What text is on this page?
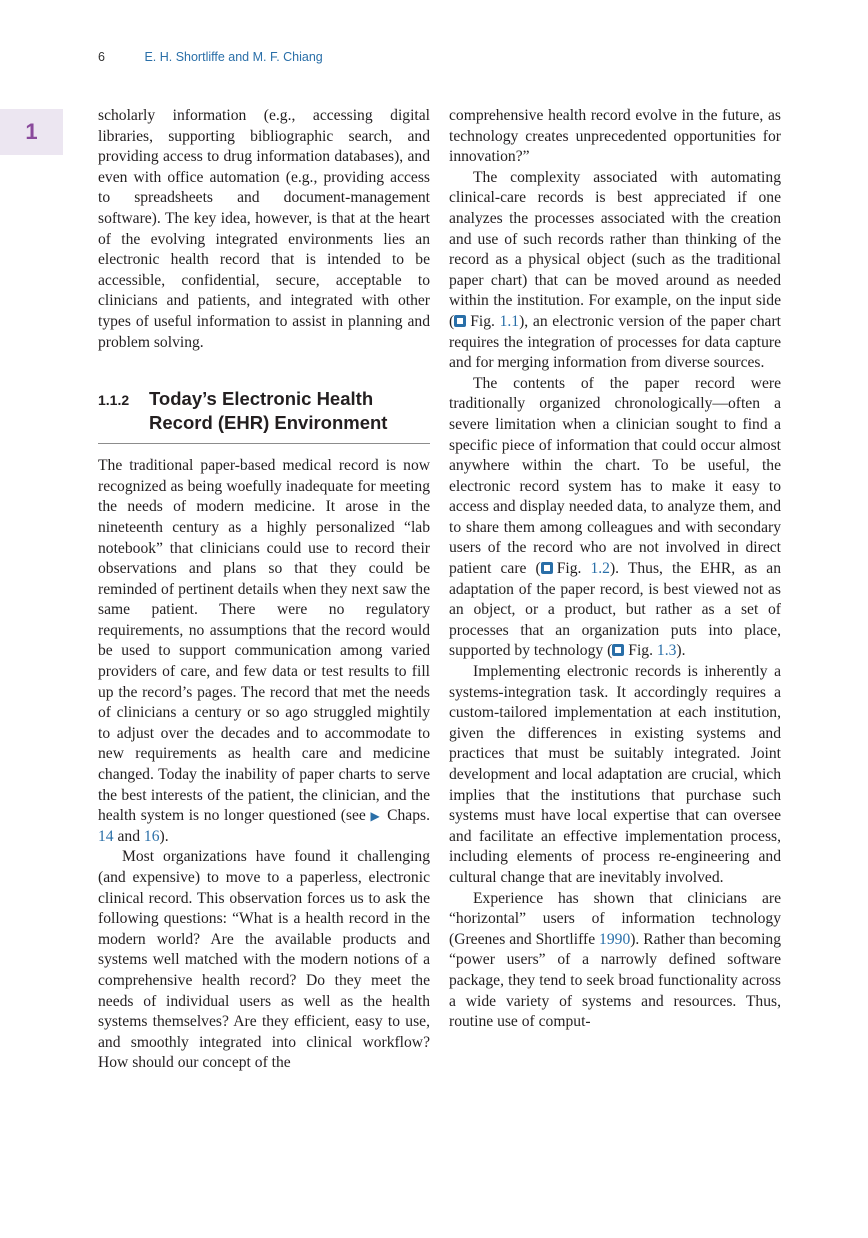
6	E. H. Shortliffe and M. F. Chiang
1

scholarly information (e.g., accessing digital libraries, supporting bibliographic search, and providing access to drug information databases), and even with office automation (e.g., providing access to spreadsheets and document-management software). The key idea, however, is that at the heart of the evolving integrated environments lies an electronic health record that is intended to be accessible, confidential, secure, acceptable to clinicians and patients, and integrated with other types of useful information to assist in planning and problem solving.

1.1.2	Today’s Electronic Health Record (EHR) Environment

The traditional paper-based medical record is now recognized as being woefully inadequate for meeting the needs of modern medicine. It arose in the nineteenth century as a highly personalized “lab notebook” that clinicians could use to record their observations and plans so that they could be reminded of pertinent details when they next saw the same patient. There were no regulatory requirements, no assumptions that the record would be used to support communication among varied providers of care, and few data or test results to fill up the record’s pages. The record that met the needs of clinicians a century or so ago struggled mightily to adjust over the decades and to accommodate to new requirements as health care and medicine changed. Today the inability of paper charts to serve the best interests of the patient, the clinician, and the health system is no longer questioned (see ▶ Chaps. 14 and 16).

Most organizations have found it challenging (and expensive) to move to a paperless, electronic clinical record. This observation forces us to ask the following questions: “What is a health record in the modern world? Are the available products and systems well matched with the modern notions of a comprehensive health record? Do they meet the needs of individual users as well as the health systems themselves? Are they efficient, easy to use, and smoothly integrated into clinical workflow? How should our concept of the

comprehensive health record evolve in the future, as technology creates unprecedented opportunities for innovation?”

The complexity associated with automating clinical-care records is best appreciated if one analyzes the processes associated with the creation and use of such records rather than thinking of the record as a physical object (such as the traditional paper chart) that can be moved around as needed within the institution. For example, on the input side ( Fig. 1.1), an electronic version of the paper chart requires the integration of processes for data capture and for merging information from diverse sources.

The contents of the paper record were traditionally organized chronologically—often a severe limitation when a clinician sought to find a specific piece of information that could occur almost anywhere within the chart. To be useful, the electronic record system has to make it easy to access and display needed data, to analyze them, and to share them among colleagues and with secondary users of the record who are not involved in direct patient care ( Fig. 1.2). Thus, the EHR, as an adaptation of the paper record, is best viewed not as an object, or a product, but rather as a set of processes that an organization puts into place, supported by technology ( Fig. 1.3).

Implementing electronic records is inherently a systems-integration task. It accordingly requires a custom-tailored implementation at each institution, given the differences in existing systems and practices that must be suitably integrated. Joint development and local adaptation are crucial, which implies that the institutions that purchase such systems must have local expertise that can oversee and facilitate an effective implementation process, including elements of process re-engineering and cultural change that are inevitably involved.

Experience has shown that clinicians are “horizontal” users of information technology (Greenes and Shortliffe 1990). Rather than becoming “power users” of a narrowly defined software package, they tend to seek broad functionality across a wide variety of systems and resources. Thus, routine use of comput-
